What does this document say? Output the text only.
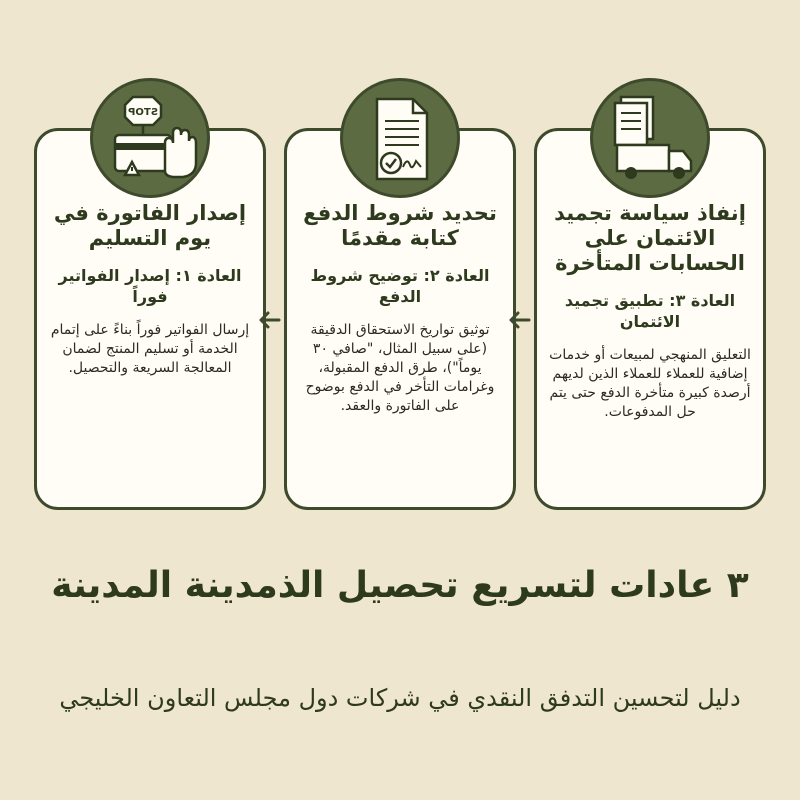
إصدار الفاتورة في يوم التسليم
العادة ١: إصدار الفواتير فوراً
إرسال الفواتير فوراً بناءً على إتمام الخدمة أو تسليم المنتج لضمان المعالجة السريعة والتحصيل.
تحديد شروط الدفع كتابة مقدمًا
العادة ٢: توضيح شروط الدفع
توثيق تواريخ الاستحقاق الدقيقة (على سبيل المثال، "صافي ٣٠ يوماً")، طرق الدفع المقبولة، وغرامات التأخر في الدفع بوضوح على الفاتورة والعقد.
إنفاذ سياسة تجميد الائتمان على الحسابات المتأخرة
العادة ٣: تطبيق تجميد الائتمان
التعليق المنهجي لمبيعات أو خدمات إضافية للعملاء للعملاء الذين لديهم أرصدة كبيرة متأخرة الدفع حتى يتم حل المدفوعات.
STOP
٣ عادات لتسريع تحصيل الذمدينة المدينة
دليل لتحسين التدفق النقدي في شركات دول مجلس التعاون الخليجي
